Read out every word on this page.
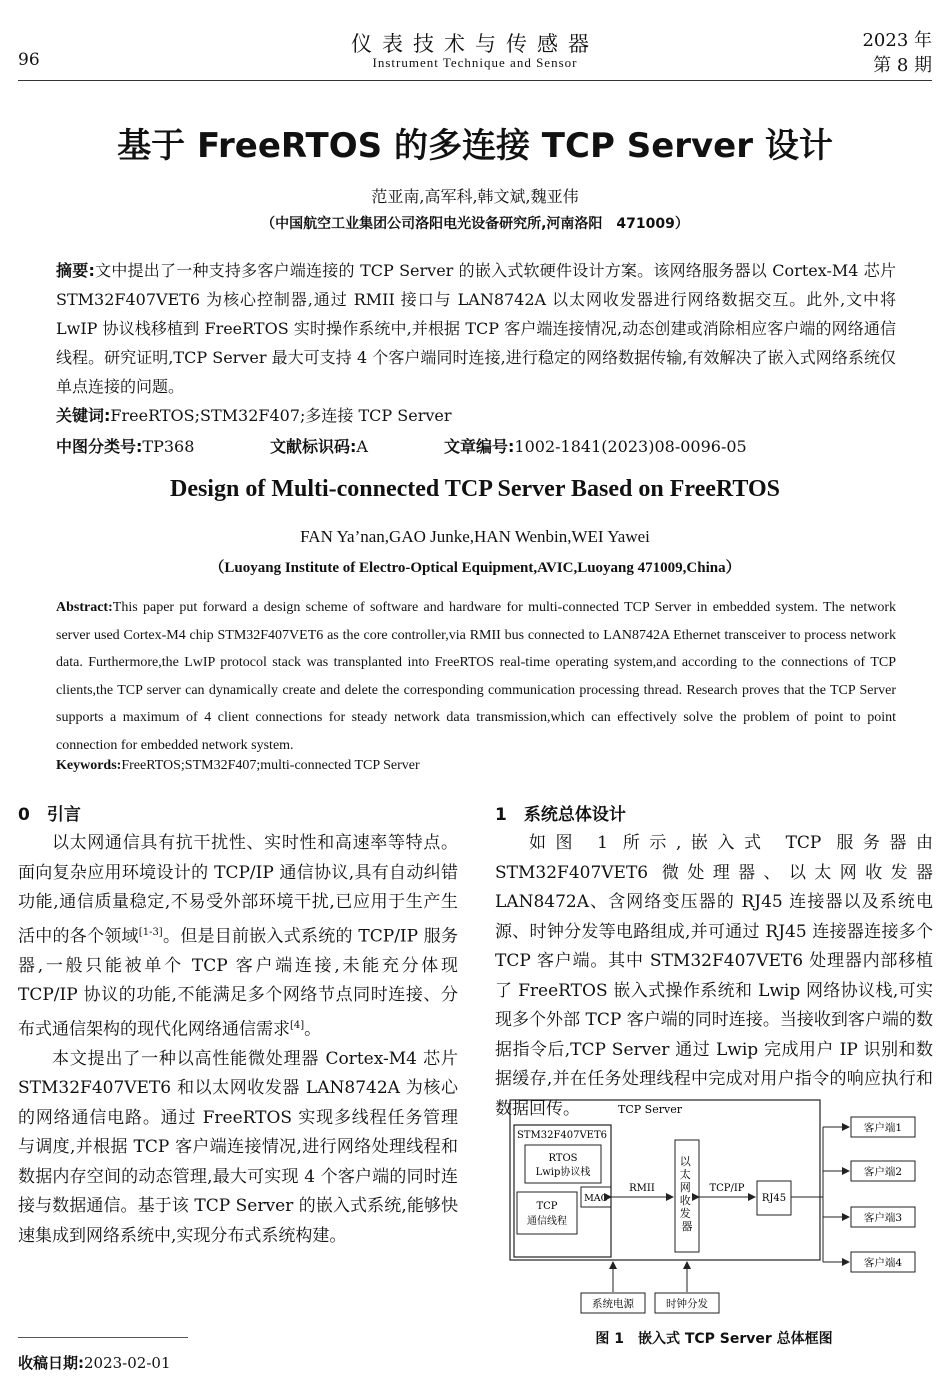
96
仪表技术与传感器
Instrument Technique and Sensor
2023 年
第 8 期
基于 FreeRTOS 的多连接 TCP Server 设计
范亚南,高军科,韩文斌,魏亚伟
（中国航空工业集团公司洛阳电光设备研究所,河南洛阳　471009）
摘要:文中提出了一种支持多客户端连接的 TCP Server 的嵌入式软硬件设计方案。该网络服务器以 Cortex-M4 芯片 STM32F407VET6 为核心控制器,通过 RMII 接口与 LAN8742A 以太网收发器进行网络数据交互。此外,文中将 LwIP 协议栈移植到 FreeRTOS 实时操作系统中,并根据 TCP 客户端连接情况,动态创建或消除相应客户端的网络通信线程。研究证明,TCP Server 最大可支持 4 个客户端同时连接,进行稳定的网络数据传输,有效解决了嵌入式网络系统仅单点连接的问题。
关键词:FreeRTOS;STM32F407;多连接 TCP Server
中图分类号:TP368	文献标识码:A	文章编号:1002-1841(2023)08-0096-05
Design of Multi-connected TCP Server Based on FreeRTOS
FAN Ya’nan,GAO Junke,HAN Wenbin,WEI Yawei
（Luoyang Institute of Electro-Optical Equipment,AVIC,Luoyang 471009,China）
Abstract:This paper put forward a design scheme of software and hardware for multi-connected TCP Server in embedded system. The network server used Cortex-M4 chip STM32F407VET6 as the core controller,via RMII bus connected to LAN8742A Ethernet transceiver to process network data. Furthermore,the LwIP protocol stack was transplanted into FreeRTOS real-time operating system,and according to the connections of TCP clients,the TCP server can dynamically create and delete the corresponding communication processing thread. Research proves that the TCP Server supports a maximum of 4 client connections for steady network data transmission,which can effectively solve the problem of point to point connection for embedded network system.
Keywords:FreeRTOS;STM32F407;multi-connected TCP Server
0　引言

以太网通信具有抗干扰性、实时性和高速率等特点。面向复杂应用环境设计的 TCP/IP 通信协议,具有自动纠错功能,通信质量稳定,不易受外部环境干扰,已应用于生产生活中的各个领域[1-3]。但是目前嵌入式系统的 TCP/IP 服务器,一般只能被单个 TCP 客户端连接,未能充分体现 TCP/IP 协议的功能,不能满足多个网络节点同时连接、分布式通信架构的现代化网络通信需求[4]。

本文提出了一种以高性能微处理器 Cortex-M4 芯片 STM32F407VET6 和以太网收发器 LAN8742A 为核心的网络通信电路。通过 FreeRTOS 实现多线程任务管理与调度,并根据 TCP 客户端连接情况,进行网络处理线程和数据内存空间的动态管理,最大可实现 4 个客户端的同时连接与数据通信。基于该 TCP Server 的嵌入式系统,能够快速集成到网络系统中,实现分布式系统构建。

1　系统总体设计

如图 1 所示,嵌入式 TCP 服务器由 STM32F407VET6 微处理器、以太网收发器 LAN8472A、含网络变压器的 RJ45 连接器以及系统电源、时钟分发等电路组成,并可通过 RJ45 连接器连接多个 TCP 客户端。其中 STM32F407VET6 处理器内部移植了 FreeRTOS 嵌入式操作系统和 Lwip 网络协议栈,可实现多个外部 TCP 客户端的同时连接。当接收到客户端的数据指令后,TCP Server 通过 Lwip 完成用户 IP 识别和数据缓存,并在任务处理线程中完成对用户指令的响应执行和数据回传。	TCP Server
STM32F407VET6
RTOS
Lwip协议栈
TCP
通信线程
MAC
RMII
以 太 网 收 发 器
TCP/IP
RJ45
客户端1
客户端2
客户端3
客户端4
系统电源	时钟分发
图 1　嵌入式 TCP Server 总体框图
收稿日期:2023-02-01
